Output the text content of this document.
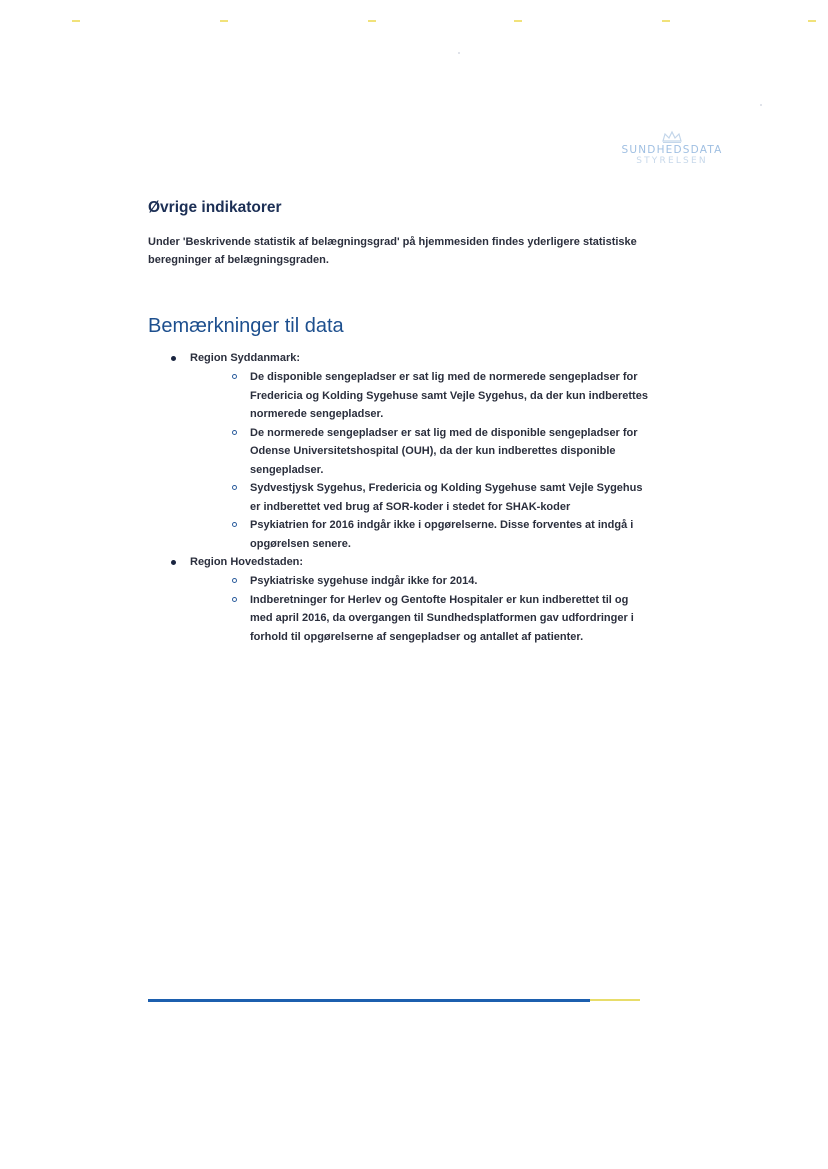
SUNDHEDSDATA
STYRELSEN
Øvrige indikatorer

Under 'Beskrivende statistik af belægningsgrad' på hjemmesiden findes yderligere statistiske beregninger af belægningsgraden.

Bemærkninger til data
Region Syddanmark:
De disponible sengepladser er sat lig med de normerede sengepladser for Fredericia og Kolding Sygehuse samt Vejle Sygehus, da der kun indberettes normerede sengepladser.
De normerede sengepladser er sat lig med de disponible sengepladser for Odense Universitetshospital (OUH), da der kun indberettes disponible sengepladser.
Sydvestjysk Sygehus, Fredericia og Kolding Sygehuse samt Vejle Sygehus er indberettet ved brug af SOR-koder i stedet for SHAK-koder
Psykiatrien for 2016 indgår ikke i opgørelserne. Disse forventes at indgå i opgørelsen senere.
Region Hovedstaden:
Psykiatriske sygehuse indgår ikke for 2014.
Indberetninger for Herlev og Gentofte Hospitaler er kun indberettet til og med april 2016, da overgangen til Sundhedsplatformen gav udfordringer i forhold til opgørelserne af sengepladser og antallet af patienter.
